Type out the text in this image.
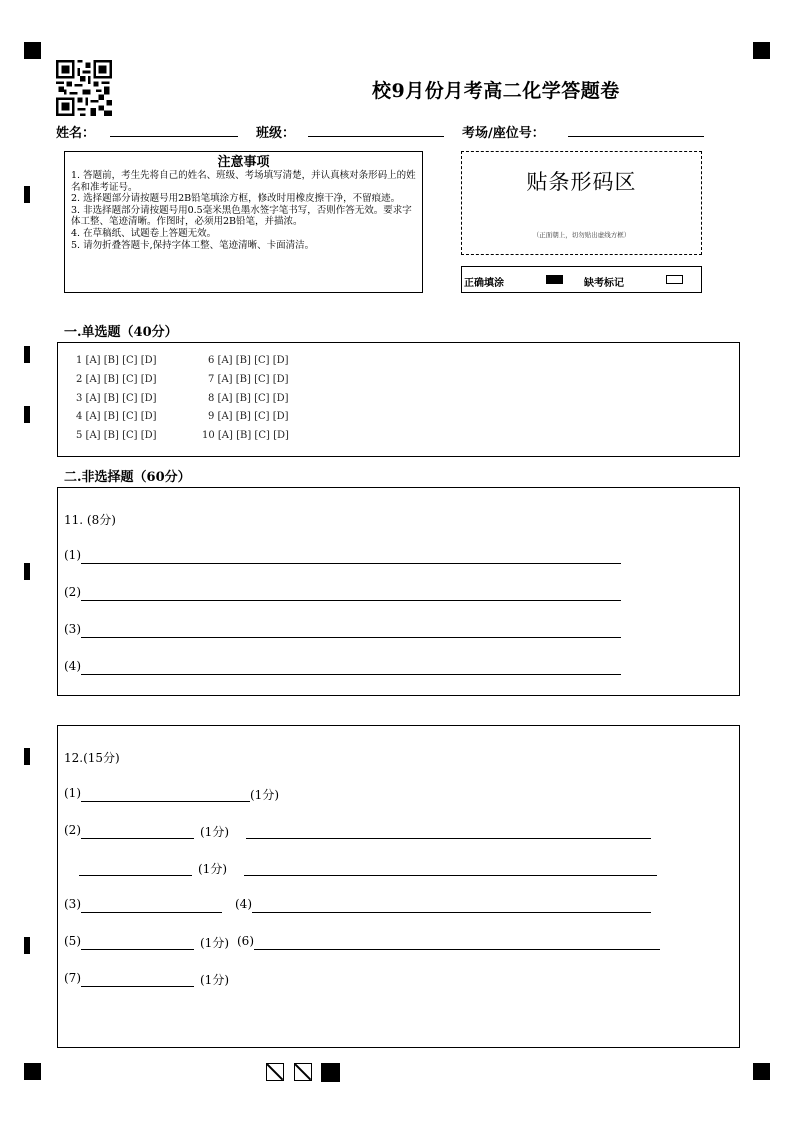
校9月份月考高二化学答题卷
姓名：	班级：	考场/座位号：
注意事项
1. 答题前，考生先将自己的姓名、班级、考场填写清楚，并认真核对条形码上的姓名和准考证号。
2. 选择题部分请按题号用2B铅笔填涂方框，修改时用橡皮擦干净，不留痕迹。
3. 非选择题部分请按题号用0.5毫米黑色墨水签字笔书写，否则作答无效。要求字体工整、笔迹清晰。作图时，必须用2B铅笔，并描浓。
4. 在草稿纸、试题卷上答题无效。
5. 请勿折叠答题卡,保持字体工整、笔迹清晰、卡面清洁。
贴条形码区
（正面朝上，切勿贴出虚线方框）
正确填涂	缺考标记
一.单选题（40分）
1 [A] [B] [C] [D]
2 [A] [B] [C] [D]
3 [A] [B] [C] [D]
4 [A] [B] [C] [D]
5 [A] [B] [C] [D]
6 [A] [B] [C] [D]
7 [A] [B] [C] [D]
8 [A] [B] [C] [D]
9 [A] [B] [C] [D]
10 [A] [B] [C] [D]
二.非选择题（60分）
11. (8分)
(1)
(2)
(3)
(4)
12.(15分)
(1)	(1分)
(2)	(1分)
(1分)
(3)	(4)
(5)	(1分) (6)
(7)	(1分)
